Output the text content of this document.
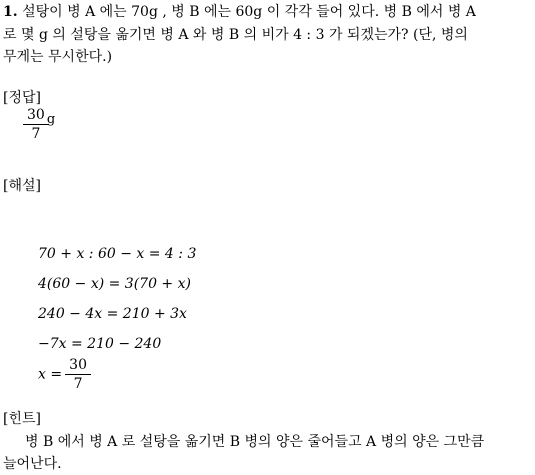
1. 설탕이 병 A 에는 70g , 병 B 에는 60g 이 각각 들어 있다. 병 B 에서 병 A
로 몇 g 의 설탕을 옮기면 병 A 와 병 B 의 비가 4 : 3 가 되겠는가? (단, 병의
무게는 무시한다.)
[정답]
$\frac{30}{7} ^g$
[해설]
70 + x : 60 − x = 4 : 3
4(60 − x) = 3(70 + x)
240 − 4x = 210 + 3x
−7x = 210 − 240
$x = \frac{30}{7}$
[힌트]
병 B 에서 병 A 로 설탕을 옮기면 B 병의 양은 줄어들고 A 병의 양은 그만큼
늘어난다.
